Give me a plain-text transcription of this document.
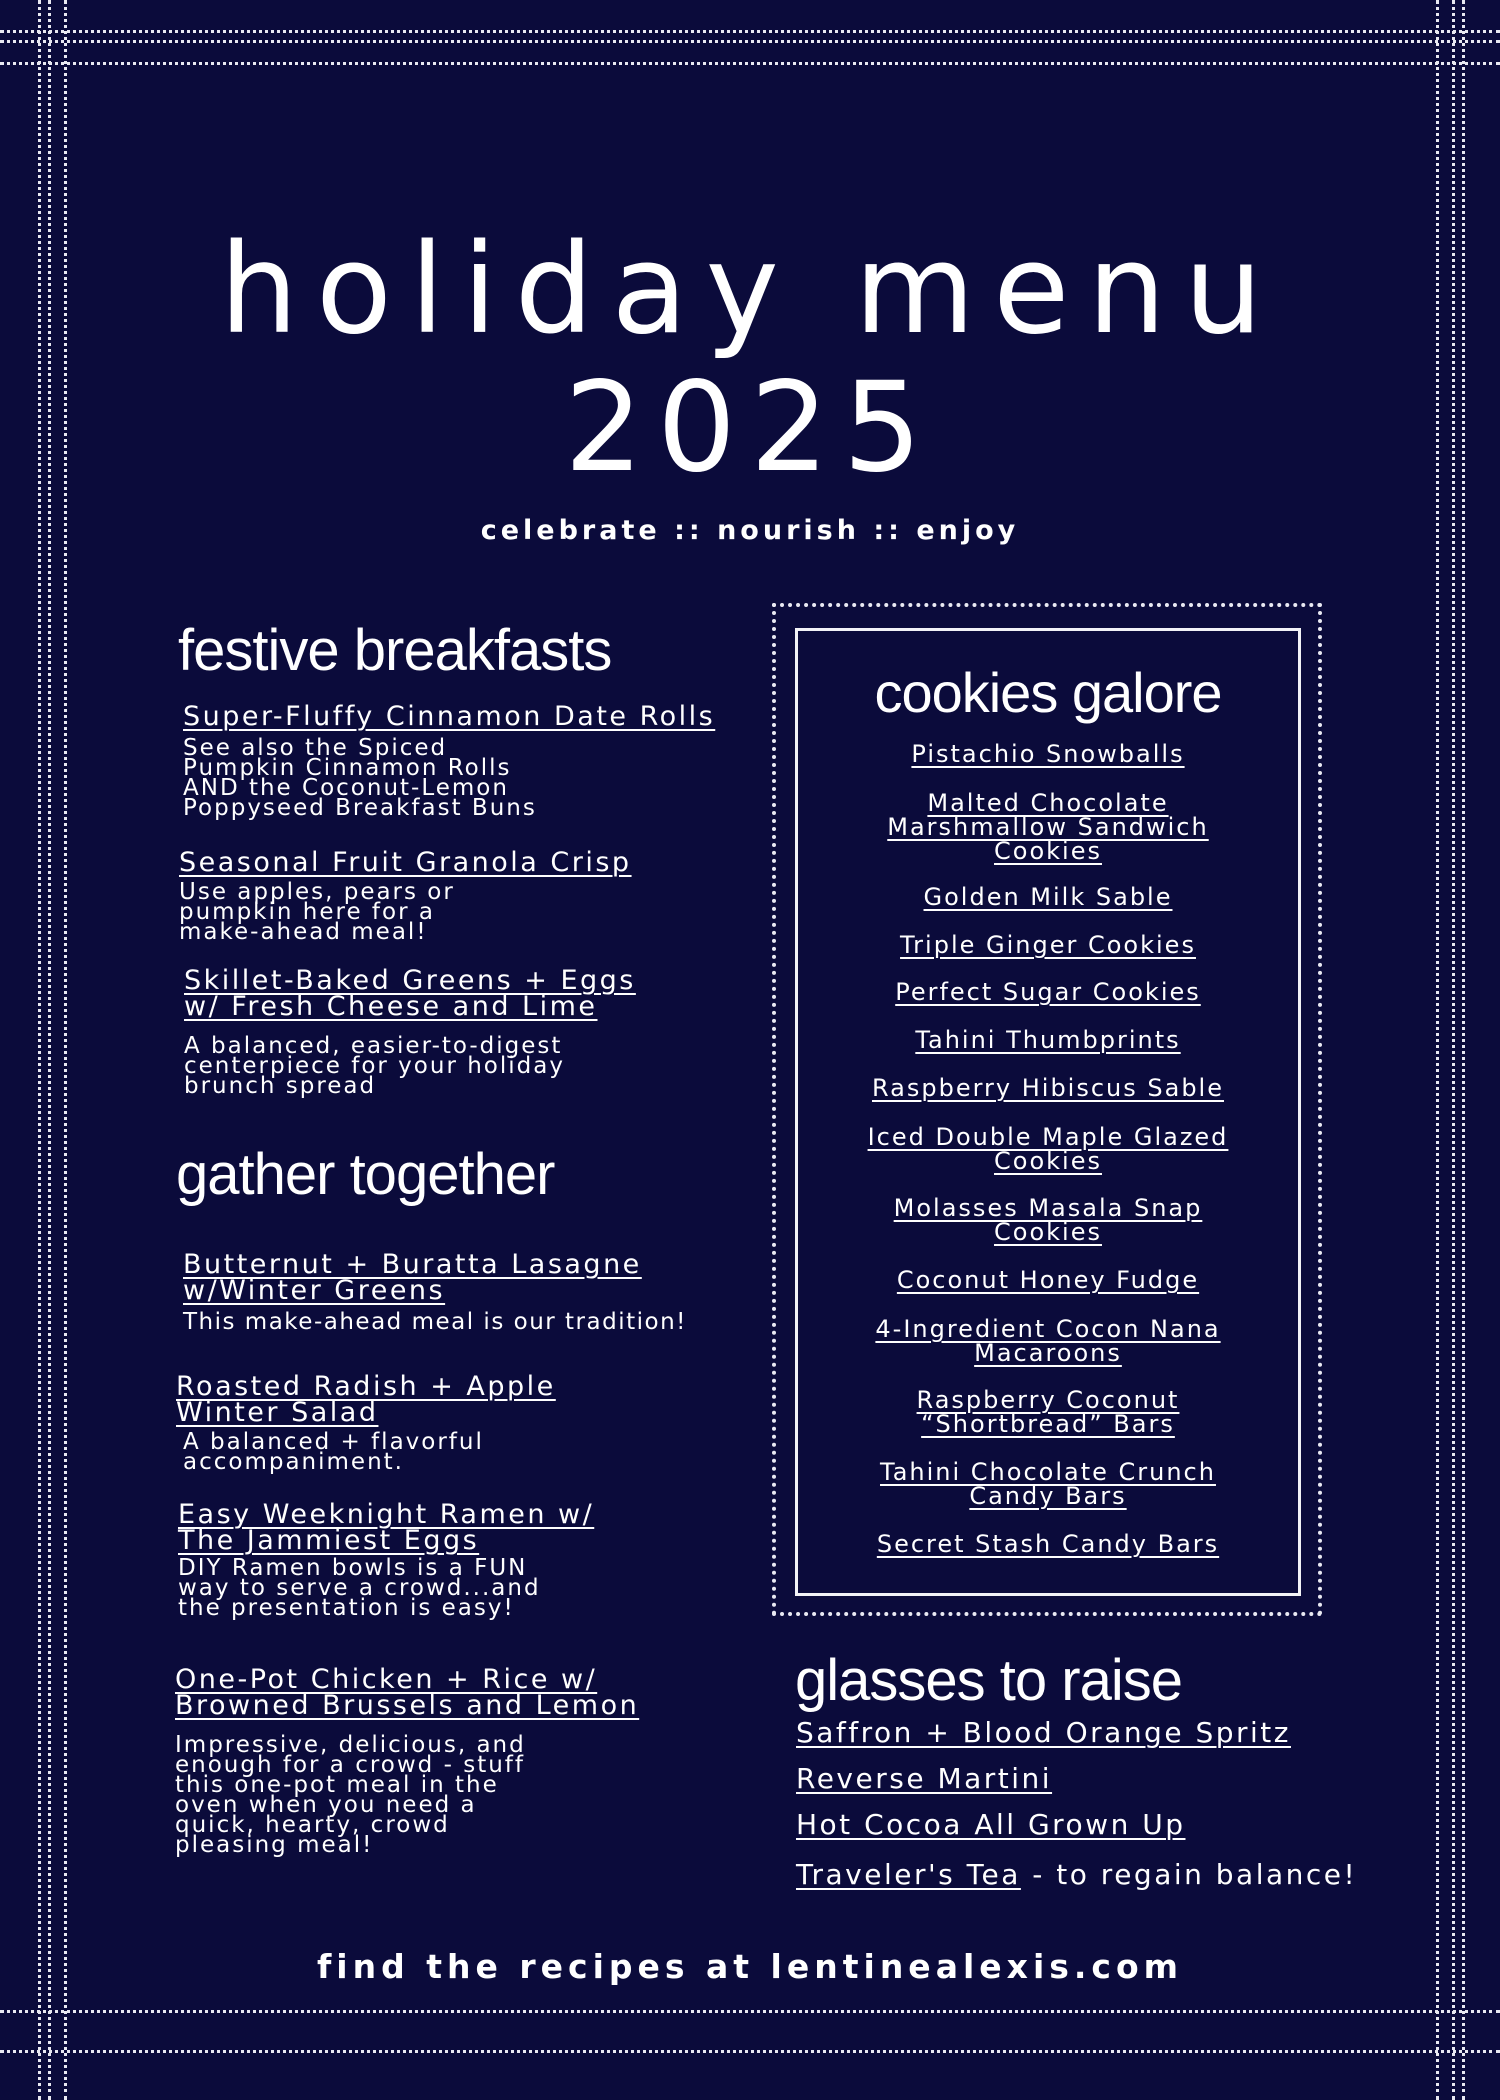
holiday menu
2025
celebrate :: nourish :: enjoy
festive breakfasts
Super-Fluffy Cinnamon Date Rolls
See also the Spiced
Pumpkin Cinnamon Rolls
AND the Coconut-Lemon
Poppyseed Breakfast Buns
Seasonal Fruit Granola Crisp
Use apples, pears or
pumpkin here for a
make-ahead meal!
Skillet-Baked Greens + Eggs
w/ Fresh Cheese and Lime
A balanced, easier-to-digest
centerpiece for your holiday
brunch spread
gather together
Butternut + Buratta Lasagne
w/Winter Greens
This make-ahead meal is our tradition!
Roasted Radish + Apple
Winter Salad
A balanced + flavorful
accompaniment.
Easy Weeknight Ramen w/
The Jammiest Eggs
DIY Ramen bowls is a FUN
way to serve a crowd...and
the presentation is easy!
One-Pot Chicken + Rice w/
Browned Brussels and Lemon
Impressive, delicious, and
enough for a crowd - stuff
this one-pot meal in the
oven when you need a
quick, hearty, crowd
pleasing meal!
cookies galore
Pistachio Snowballs
Malted Chocolate
Marshmallow Sandwich
Cookies
Golden Milk Sable
Triple Ginger Cookies
Perfect Sugar Cookies
Tahini Thumbprints
Raspberry Hibiscus Sable
Iced Double Maple Glazed
Cookies
Molasses Masala Snap
Cookies
Coconut Honey Fudge
4-Ingredient Cocon Nana
Macaroons
Raspberry Coconut
“Shortbread” Bars
Tahini Chocolate Crunch
Candy Bars
Secret Stash Candy Bars
glasses to raise
Saffron + Blood Orange Spritz
Reverse Martini
Hot Cocoa All Grown Up
Traveler's Tea - to regain balance!
find the recipes at lentinealexis.com
